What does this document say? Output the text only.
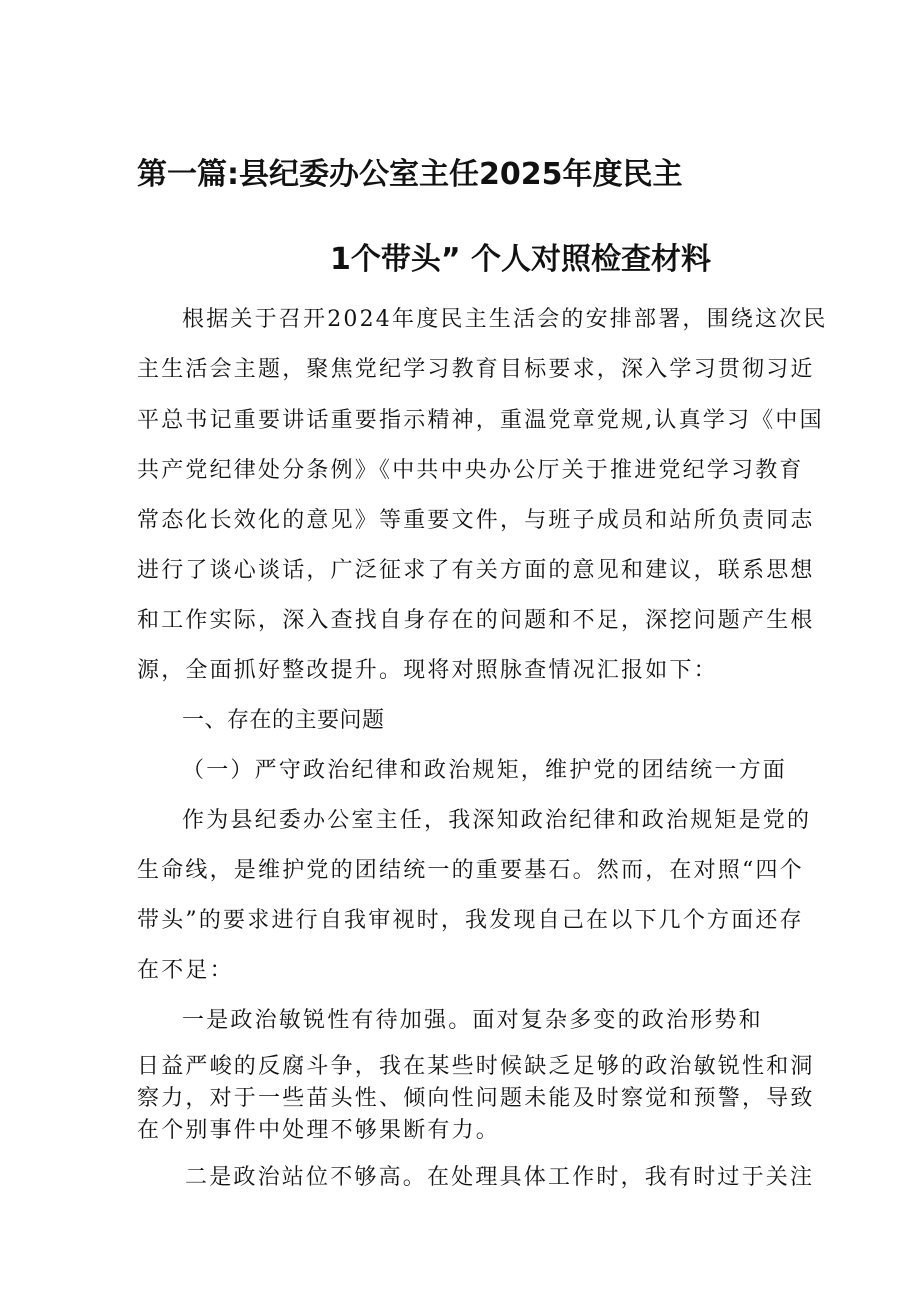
第一篇:县纪委办公室主任2025年度民主
1个带头” 个人对照检查材料
根据关于召开2024年度民主生活会的安排部署，围绕这次民
主生活会主题，聚焦党纪学习教育目标要求，深入学习贯彻习近
平总书记重要讲话重要指示精神，重温党章党规,认真学习《中国
共产党纪律处分条例》《中共中央办公厅关于推进党纪学习教育
常态化长效化的意见》等重要文件，与班子成员和站所负责同志
进行了谈心谈话，广泛征求了有关方面的意见和建议，联系思想
和工作实际，深入查找自身存在的问题和不足，深挖问题产生根
源，全面抓好整改提升。现将对照脉查情况汇报如下：
一、存在的主要问题
（一）严守政治纪律和政治规矩，维护党的团结统一方面
作为县纪委办公室主任，我深知政治纪律和政治规矩是党的
生命线，是维护党的团结统一的重要基石。然而，在对照“四个
带头”的要求进行自我审视时，我发现自己在以下几个方面还存
在不足：
一是政治敏锐性有待加强。面对复杂多变的政治形势和
日益严峻的反腐斗争，我在某些时候缺乏足够的政治敏锐性和洞
察力，对于一些苗头性、倾向性问题未能及时察觉和预警，导致
在个别事件中处理不够果断有力。
二是政治站位不够高。在处理具体工作时，我有时过于关注
